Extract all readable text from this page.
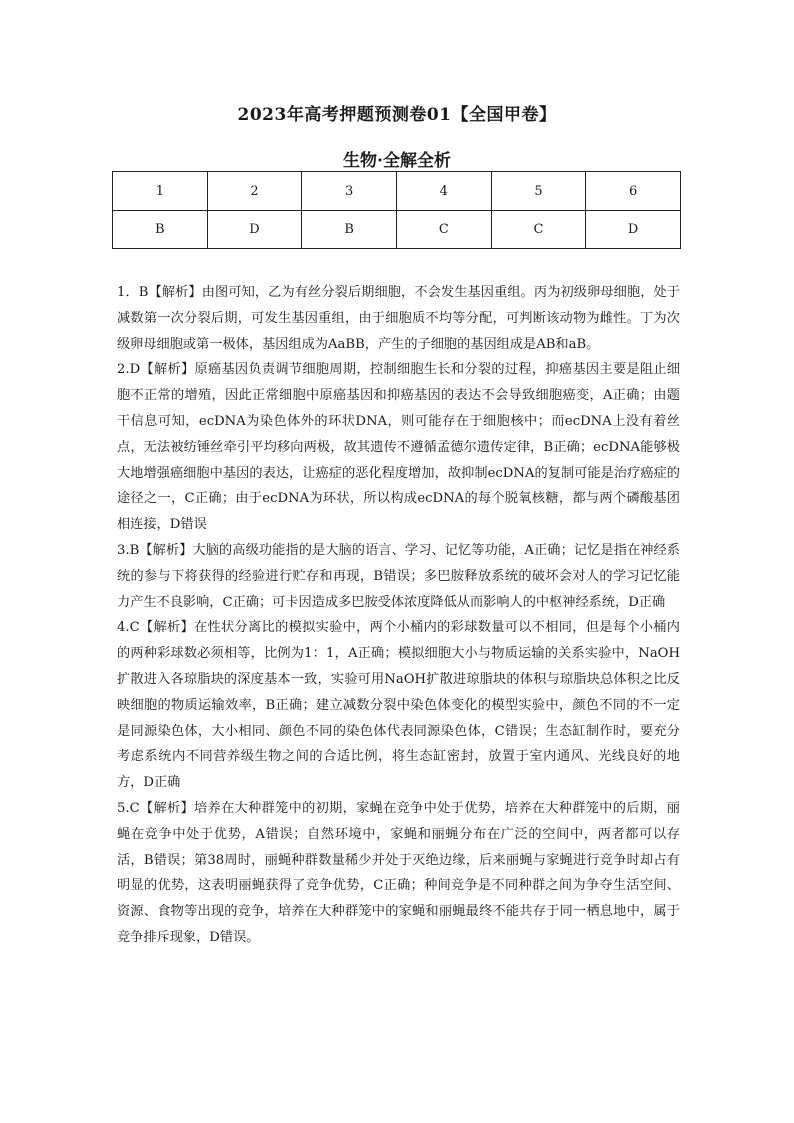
2023年高考押题预测卷01【全国甲卷】
生物·全解全析
1	2	3	4	5	6
B	D	B	C	C	D

1．B【解析】由图可知，乙为有丝分裂后期细胞，不会发生基因重组。丙为初级卵母细胞，处于减数第一次分裂后期，可发生基因重组，由于细胞质不均等分配，可判断该动物为雌性。丁为次级卵母细胞或第一极体，基因组成为AaBB，产生的子细胞的基因组成是AB和aB。

2.D【解析】原癌基因负责调节细胞周期，控制细胞生长和分裂的过程，抑癌基因主要是阻止细胞不正常的增殖，因此正常细胞中原癌基因和抑癌基因的表达不会导致细胞癌变，A正确；由题干信息可知，ecDNA为染色体外的环状DNA，则可能存在于细胞核中；而ecDNA上没有着丝点，无法被纺锤丝牵引平均移向两极，故其遗传不遵循孟德尔遗传定律，B正确；ecDNA能够极大地增强癌细胞中基因的表达，让癌症的恶化程度增加，故抑制ecDNA的复制可能是治疗癌症的途径之一，C正确；由于ecDNA为环状，所以构成ecDNA的每个脱氧核糖，都与两个磷酸基团相连接，D错误

3.B【解析】大脑的高级功能指的是大脑的语言、学习、记忆等功能，A正确；记忆是指在神经系统的参与下将获得的经验进行贮存和再现，B错误；多巴胺释放系统的破坏会对人的学习记忆能力产生不良影响，C正确；可卡因造成多巴胺受体浓度降低从而影响人的中枢神经系统，D正确

4.C【解析】在性状分离比的模拟实验中，两个小桶内的彩球数量可以不相同，但是每个小桶内的两种彩球数必须相等，比例为1：1，A正确；模拟细胞大小与物质运输的关系实验中，NaOH扩散进入各琼脂块的深度基本一致，实验可用NaOH扩散进琼脂块的体积与琼脂块总体积之比反映细胞的物质运输效率，B正确；建立减数分裂中染色体变化的模型实验中，颜色不同的不一定是同源染色体，大小相同、颜色不同的染色体代表同源染色体，C错误；生态缸制作时，要充分考虑系统内不同营养级生物之间的合适比例，将生态缸密封，放置于室内通风、光线良好的地方，D正确

5.C【解析】培养在大种群笼中的初期，家蝇在竞争中处于优势，培养在大种群笼中的后期，丽蝇在竞争中处于优势，A错误；自然环境中，家蝇和丽蝇分布在广泛的空间中，两者都可以存活，B错误；第38周时，丽蝇种群数量稀少并处于灭绝边缘，后来丽蝇与家蝇进行竞争时却占有明显的优势，这表明丽蝇获得了竞争优势，C正确；种间竞争是不同种群之间为争夺生活空间、资源、食物等出现的竞争，培养在大种群笼中的家蝇和丽蝇最终不能共存于同一栖息地中，属于竞争排斥现象，D错误。
